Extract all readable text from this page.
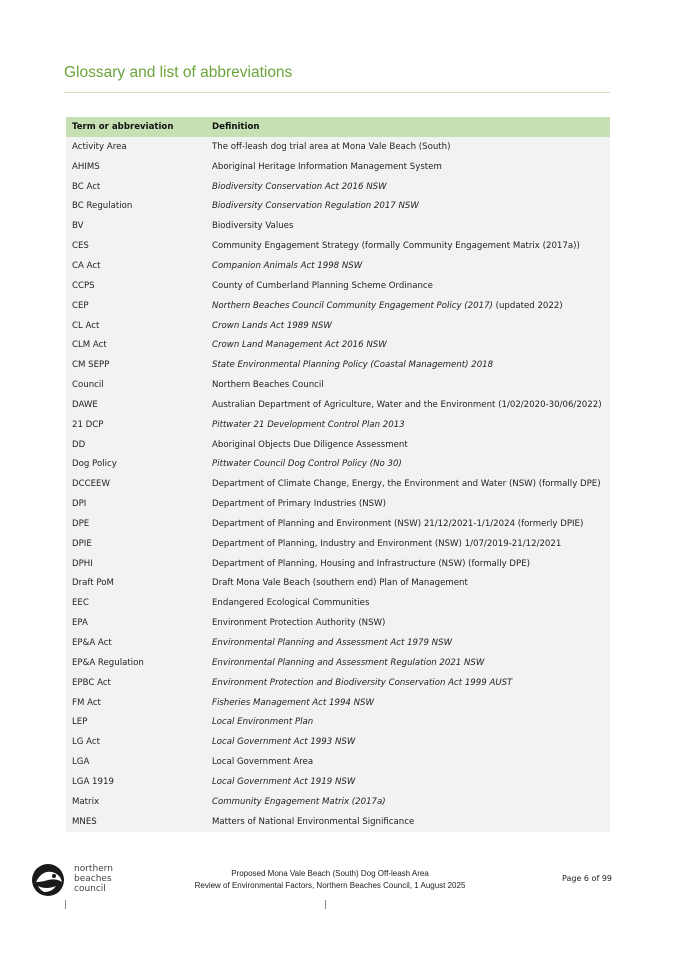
Glossary and list of abbreviations
Term or abbreviation	Definition
Activity Area	The off-leash dog trial area at Mona Vale Beach (South)
AHIMS	Aboriginal Heritage Information Management System
BC Act	Biodiversity Conservation Act 2016 NSW
BC Regulation	Biodiversity Conservation Regulation 2017 NSW
BV	Biodiversity Values
CES	Community Engagement Strategy (formally Community Engagement Matrix (2017a))
CA Act	Companion Animals Act 1998 NSW
CCPS	County of Cumberland Planning Scheme Ordinance
CEP	Northern Beaches Council Community Engagement Policy (2017) (updated 2022)
CL Act	Crown Lands Act 1989 NSW
CLM Act	Crown Land Management Act 2016 NSW
CM SEPP	State Environmental Planning Policy (Coastal Management) 2018
Council	Northern Beaches Council
DAWE	Australian Department of Agriculture, Water and the Environment (1/02/2020-30/06/2022)
21 DCP	Pittwater 21 Development Control Plan 2013
DD	Aboriginal Objects Due Diligence Assessment
Dog Policy	Pittwater Council Dog Control Policy (No 30)
DCCEEW	Department of Climate Change, Energy, the Environment and Water (NSW) (formally DPE)
DPI	Department of Primary Industries (NSW)
DPE	Department of Planning and Environment (NSW) 21/12/2021-1/1/2024 (formerly DPIE)
DPIE	Department of Planning, Industry and Environment (NSW) 1/07/2019-21/12/2021
DPHI	Department of Planning, Housing and Infrastructure (NSW) (formally DPE)
Draft PoM	Draft Mona Vale Beach (southern end) Plan of Management
EEC	Endangered Ecological Communities
EPA	Environment Protection Authority (NSW)
EP&A Act	Environmental Planning and Assessment Act 1979 NSW
EP&A Regulation	Environmental Planning and Assessment Regulation 2021 NSW
EPBC Act	Environment Protection and Biodiversity Conservation Act 1999 AUST
FM Act	Fisheries Management Act 1994 NSW
LEP	Local Environment Plan
LG Act	Local Government Act 1993 NSW
LGA	Local Government Area
LGA 1919	Local Government Act 1919 NSW
Matrix	Community Engagement Matrix (2017a)
MNES	Matters of National Environmental Significance
northern
beaches
council
Proposed Mona Vale Beach (South) Dog Off-leash Area
Review of Environmental Factors, Northern Beaches Council, 1 August 2025
Page 6 of 99
